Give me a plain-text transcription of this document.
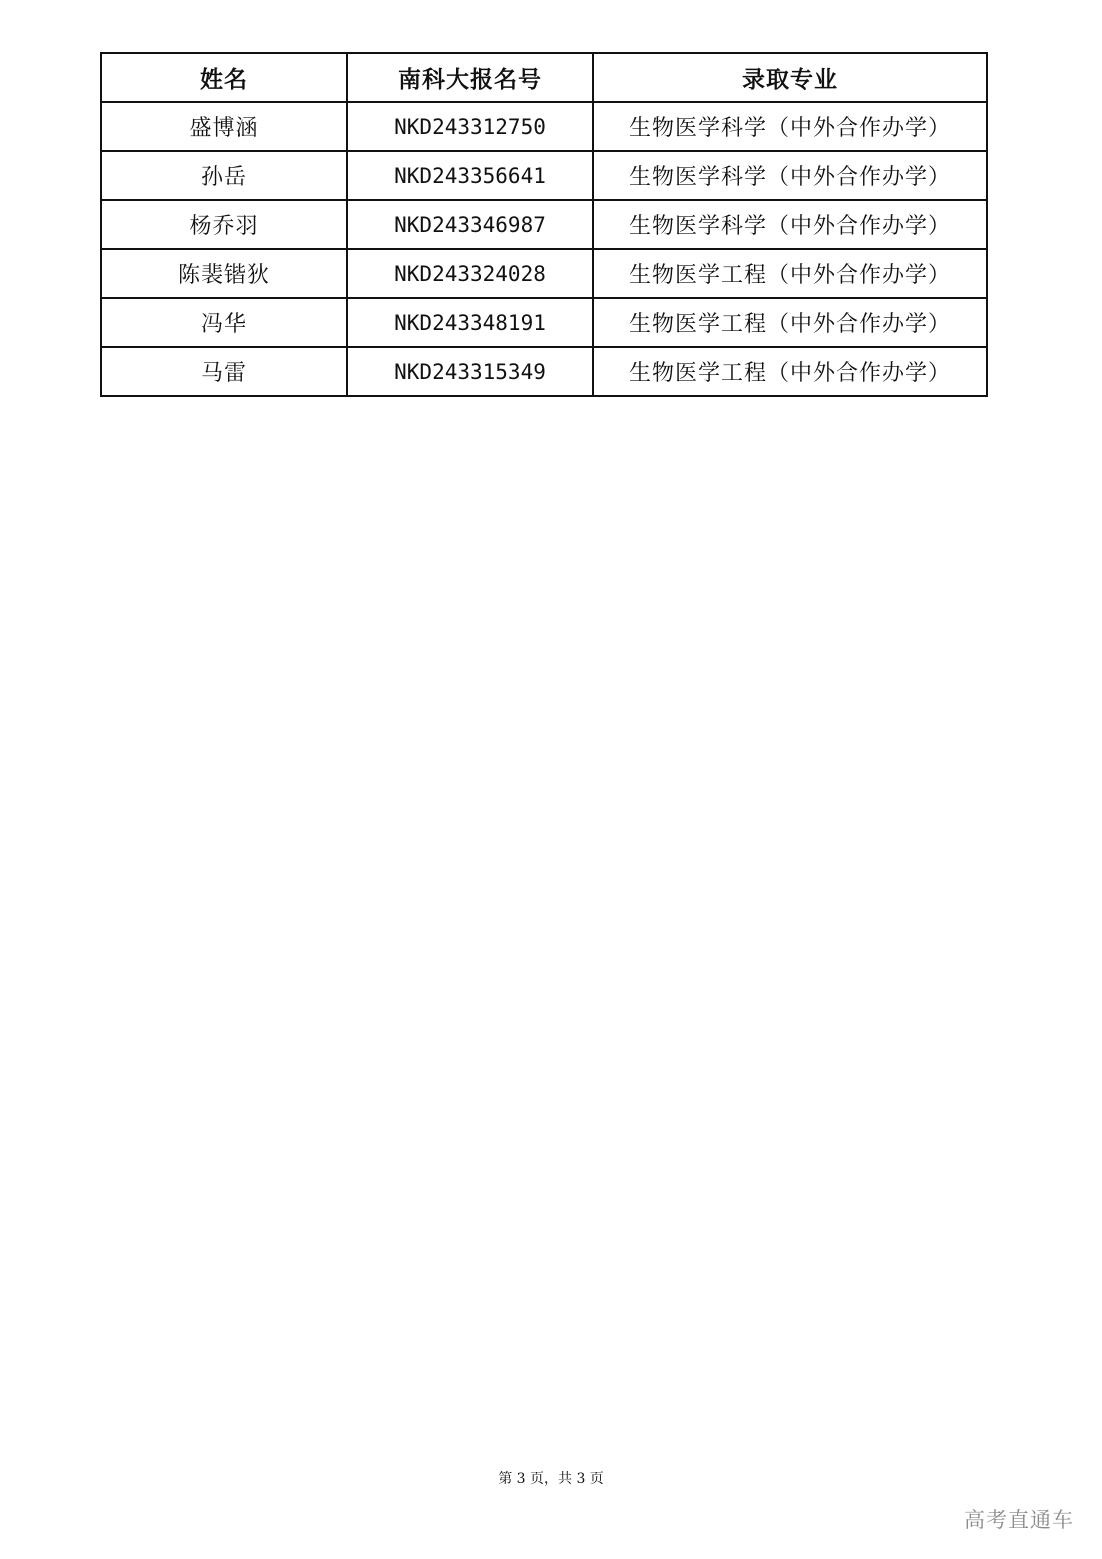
姓名	南科大报名号	录取专业
盛博涵	NKD243312750	生物医学科学（中外合作办学）
孙岳	NKD243356641	生物医学科学（中外合作办学）
杨乔羽	NKD243346987	生物医学科学（中外合作办学）
陈裴锴狄	NKD243324028	生物医学工程（中外合作办学）
冯华	NKD243348191	生物医学工程（中外合作办学）
马雷	NKD243315349	生物医学工程（中外合作办学）
第 3 页，共 3 页
高考直通车
